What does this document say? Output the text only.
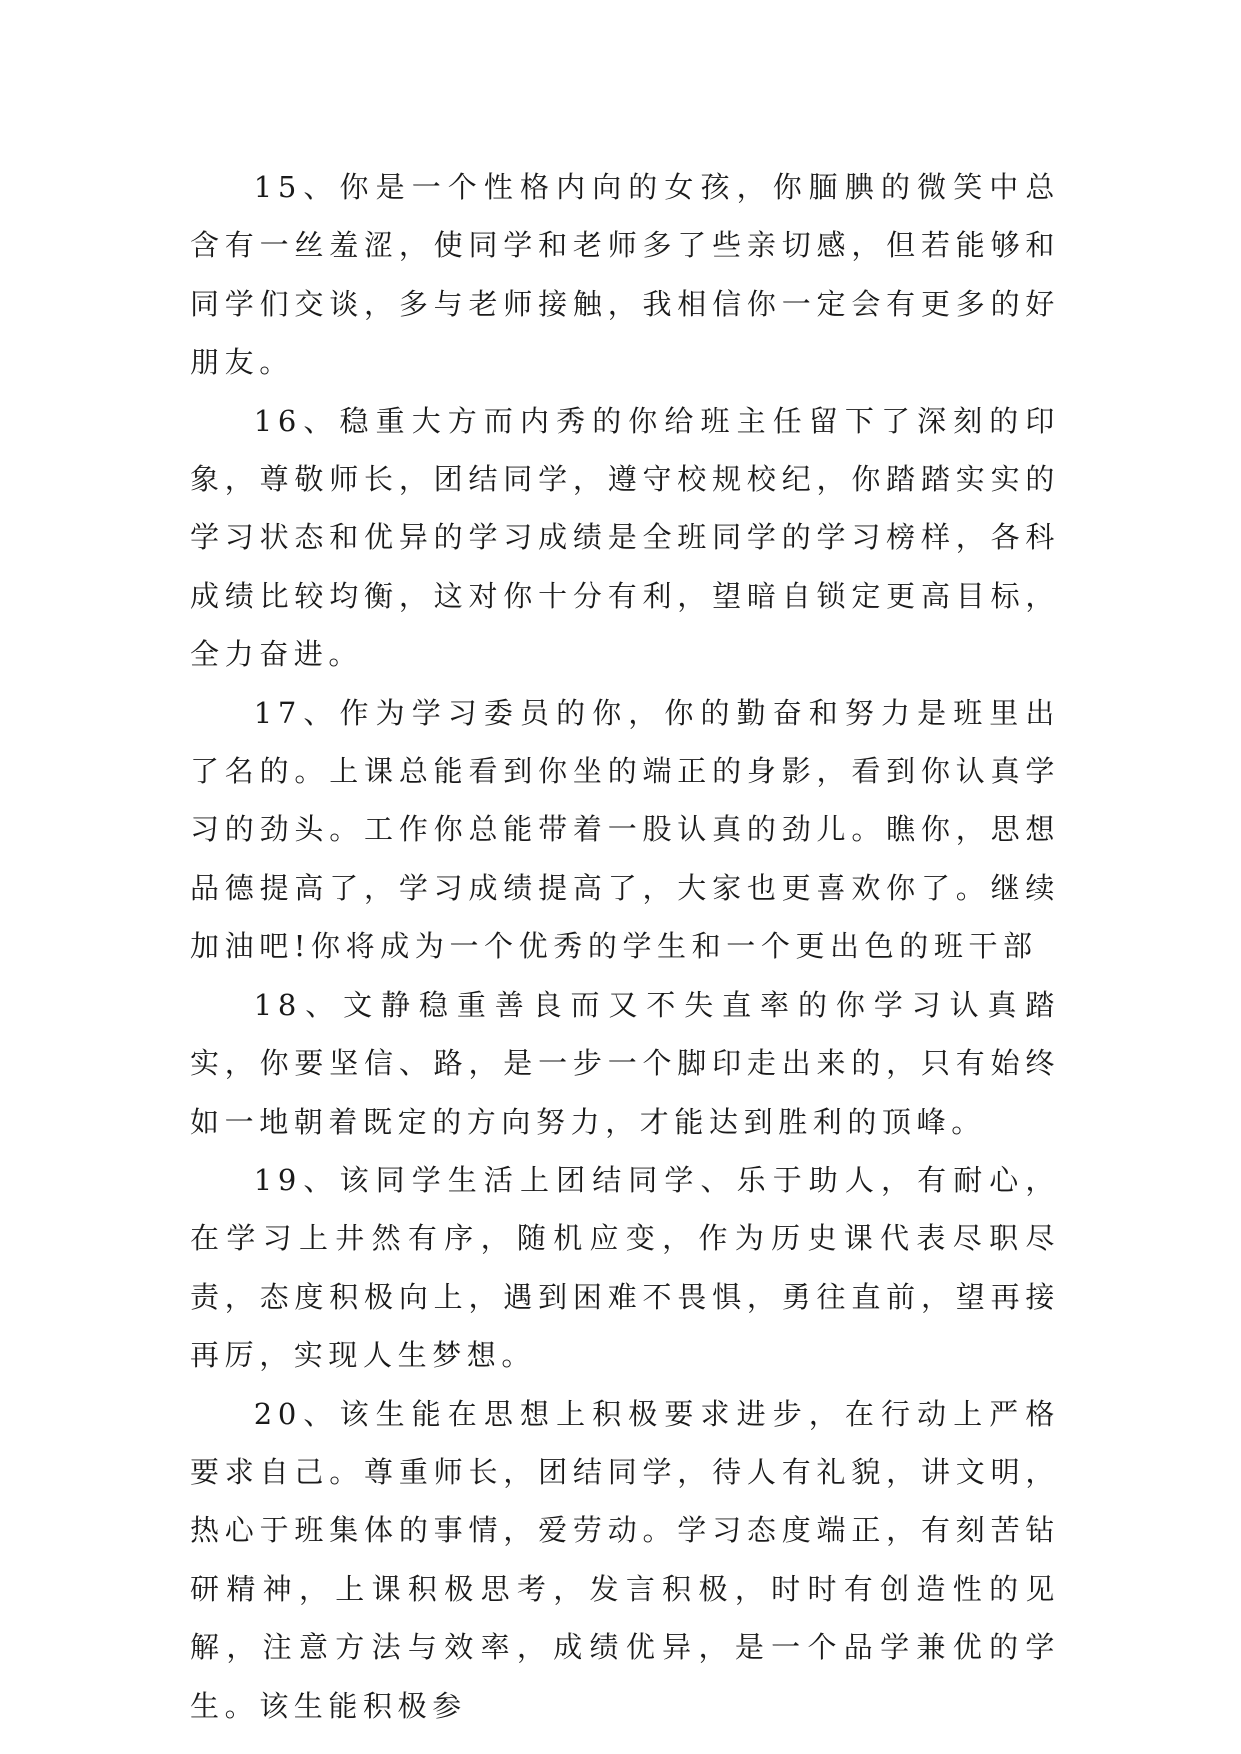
15、你是一个性格内向的女孩，你腼腆的微笑中总含有一丝羞涩，使同学和老师多了些亲切感，但若能够和同学们交谈，多与老师接触，我相信你一定会有更多的好朋友。

16、稳重大方而内秀的你给班主任留下了深刻的印象，尊敬师长，团结同学，遵守校规校纪，你踏踏实实的学习状态和优异的学习成绩是全班同学的学习榜样，各科成绩比较均衡，这对你十分有利，望暗自锁定更高目标，全力奋进。

17、作为学习委员的你，你的勤奋和努力是班里出了名的。上课总能看到你坐的端正的身影，看到你认真学习的劲头。工作你总能带着一股认真的劲儿。瞧你，思想品德提高了，学习成绩提高了，大家也更喜欢你了。继续加油吧!你将成为一个优秀的学生和一个更出色的班干部

18、文静稳重善良而又不失直率的你学习认真踏实，你要坚信、路，是一步一个脚印走出来的，只有始终如一地朝着既定的方向努力，才能达到胜利的顶峰。

19、该同学生活上团结同学、乐于助人，有耐心，在学习上井然有序，随机应变，作为历史课代表尽职尽责，态度积极向上，遇到困难不畏惧，勇往直前，望再接再厉，实现人生梦想。

20、该生能在思想上积极要求进步，在行动上严格要求自己。尊重师长，团结同学，待人有礼貌，讲文明，热心于班集体的事情，爱劳动。学习态度端正，有刻苦钻研精神，上课积极思考，发言积极，时时有创造性的见解，注意方法与效率，成绩优异，是一个品学兼优的学生。该生能积极参
